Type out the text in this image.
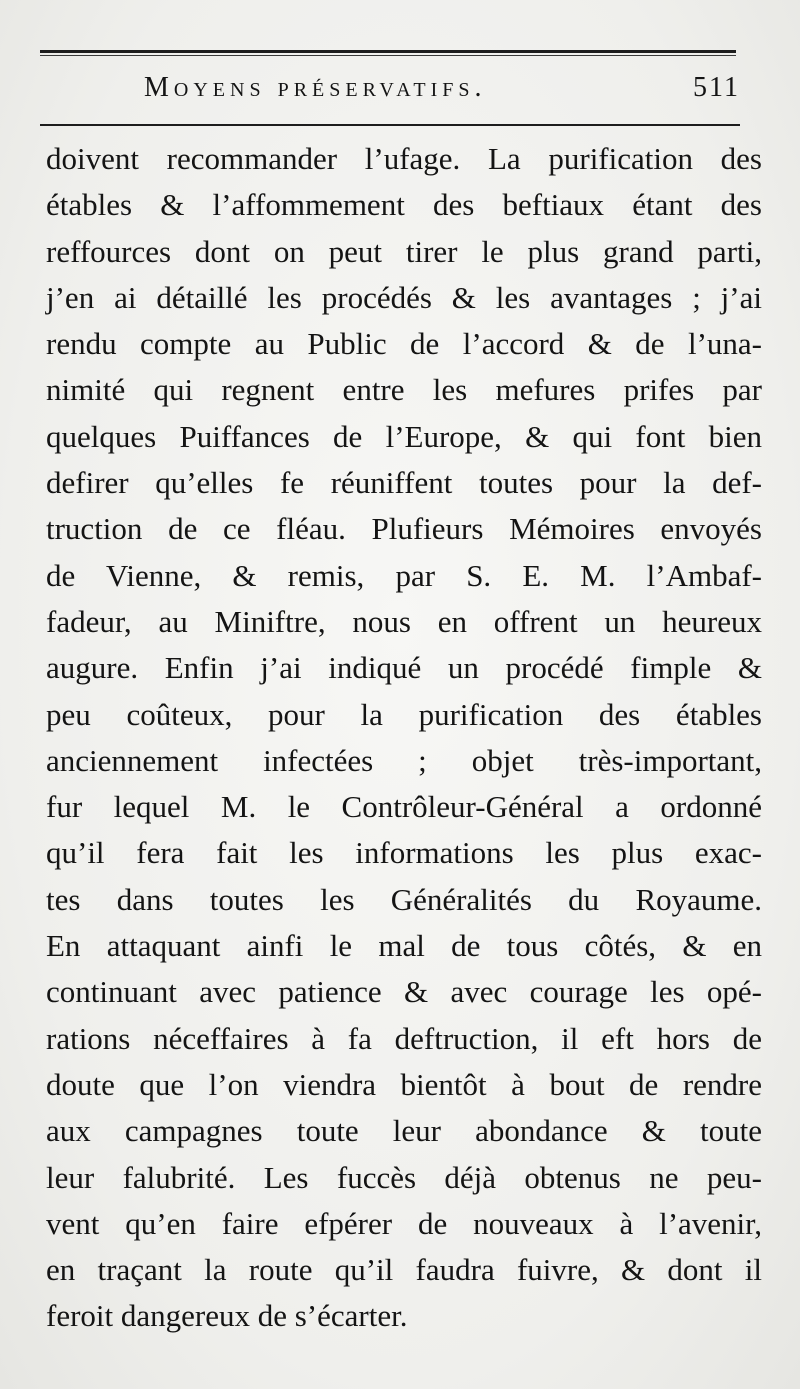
Moyens préservatifs.	511
doivent recommander l’ufage. La purification des
étables & l’affommement des beftiaux étant des
reffources dont on peut tirer le plus grand parti,
j’en ai détaillé les procédés & les avantages ; j’ai
rendu compte au Public de l’accord & de l’una-
nimité qui regnent entre les mefures prifes par
quelques Puiffances de l’Europe, & qui font bien
defirer qu’elles fe réuniffent toutes pour la def-
truction de ce fléau. Plufieurs Mémoires envoyés
de Vienne, & remis, par S. E. M. l’Ambaf-
fadeur, au Miniftre, nous en offrent un heureux
augure. Enfin j’ai indiqué un procédé fimple &
peu coûteux, pour la purification des étables
anciennement infectées ; objet très-important,
fur lequel M. le Contrôleur-Général a ordonné
qu’il fera fait les informations les plus exac-
tes dans toutes les Généralités du Royaume.
En attaquant ainfi le mal de tous côtés, & en
continuant avec patience & avec courage les opé-
rations néceffaires à fa deftruction, il eft hors de
doute que l’on viendra bientôt à bout de rendre
aux campagnes toute leur abondance & toute
leur falubrité. Les fuccès déjà obtenus ne peu-
vent qu’en faire efpérer de nouveaux à l’avenir,
en traçant la route qu’il faudra fuivre, & dont il
feroit dangereux de s’écarter.
